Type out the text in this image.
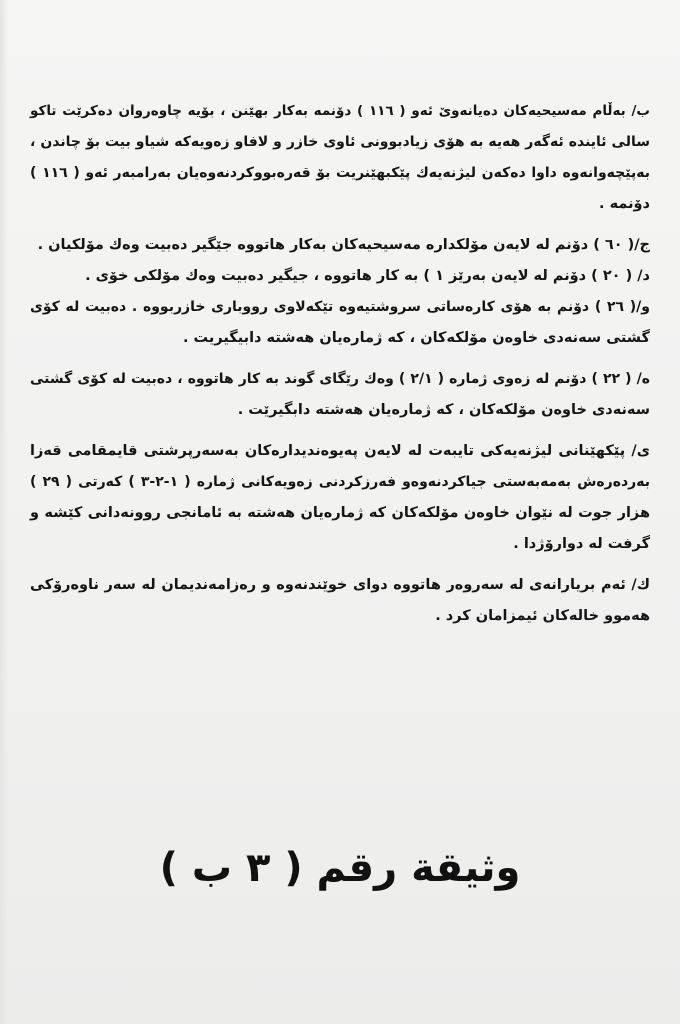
ب/ بەڵام مەسیحیەکان دەیانەوێ ئەو ( ١١٦ ) دۆنمە بەکار بهێنن ، بۆیە چاوەروان دەکرێت تاکو
سالی ئایندە ئەگەر هەیە بە هۆی زیادبوونی ئاوی خازر و لافاو زەویەکە شیاو بیت بۆ چاندن ،
بەپێچەوانەوە داوا دەکەن لیژنەیەك پێکبهێنریت بۆ قەرەبووکردنەوەیان بەرامبەر ئەو ( ١١٦ )
دۆنمە .
ج/( ٦٠ ) دۆنم لە لایەن مۆلکدارە مەسیحیەکان بەکار هاتووە جێگیر دەبیت وەك مۆلکیان .
د/ ( ٢٠ ) دۆنم لە لایەن بەرێز ١ ) بە کار هاتووە ، جیگیر دەبیت وەك مۆلکی خۆی .
و/( ٢٦ ) دۆنم بە هۆی کارەساتی سروشتیەوە تێکەلاوی رووباری خازربووە . دەبیت لە کۆی
گشتی سەنەدی خاوەن مۆلکەکان ، کە ژمارەیان هەشتە دابیگیریت .
ه/ ( ٢٢ ) دۆنم لە زەوی ژمارە ( ٢/١ ) وەك رێگای گوند بە کار هاتووە ، دەبیت لە کۆی گشتی
سەنەدی خاوەن مۆلکەکان ، کە ژمارەیان هەشتە دابگیرێت .
ی/ پێکهێنانی لیژنەیەکی تایبەت لە لایەن پەیوەندیدارەکان بەسەرپرشتی قایمقامی قەزا
بەردەرەش بەمەبەستی جیاکردنەوەو فەرزکردنی زەویەکانی ژمارە ( ١-٢-٣ ) کەرتی ( ٢٩ )
هزار جوت لە نێوان خاوەن مۆلکەکان کە ژمارەیان هەشتە بە ئامانجی روونەدانی کێشە و
گرفت لە دوارۆژدا .
ك/ ئەم بریارانەی لە سەروەر هاتووە دوای خوێندنەوە و رەزامەندیمان لە سەر ناوەرۆکی
هەموو خالەکان ئیمزامان کرد .
وثيقة رقم ( ٣ ب )
